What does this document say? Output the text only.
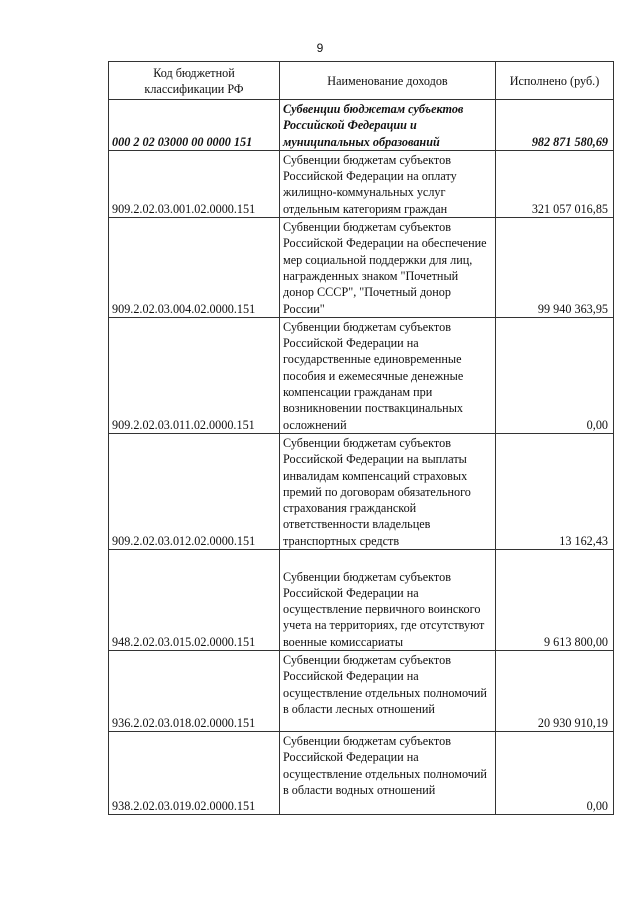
9
Код бюджетной классификации РФ	Наименование доходов	Исполнено (руб.)
000 2 02 03000 00 0000 151	Субвенции бюджетам субъектов Российской Федерации и муниципальных образований	982 871 580,69
909.2.02.03.001.02.0000.151	Субвенции бюджетам субъектов Российской Федерации на оплату жилищно-коммунальных услуг отдельным категориям граждан	321 057 016,85
909.2.02.03.004.02.0000.151	Субвенции бюджетам субъектов Российской Федерации на обеспечение мер социальной поддержки для лиц, награжденных знаком "Почетный донор СССР", "Почетный донор России"	99 940 363,95
909.2.02.03.011.02.0000.151	Субвенции бюджетам субъектов Российской Федерации на государственные единовременные пособия и ежемесячные денежные компенсации гражданам при возникновении поствакцинальных осложнений	0,00
909.2.02.03.012.02.0000.151	Субвенции бюджетам субъектов Российской Федерации на выплаты инвалидам компенсаций страховых премий по договорам обязательного страхования гражданской ответственности владельцев транспортных средств	13 162,43
948.2.02.03.015.02.0000.151	Субвенции бюджетам субъектов Российской Федерации на осуществление первичного воинского учета на территориях, где отсутствуют военные комиссариаты	9 613 800,00
936.2.02.03.018.02.0000.151	Субвенции бюджетам субъектов Российской Федерации на осуществление отдельных полномочий в области лесных отношений	20 930 910,19
938.2.02.03.019.02.0000.151	Субвенции бюджетам субъектов Российской Федерации на осуществление отдельных полномочий в области водных отношений	0,00
